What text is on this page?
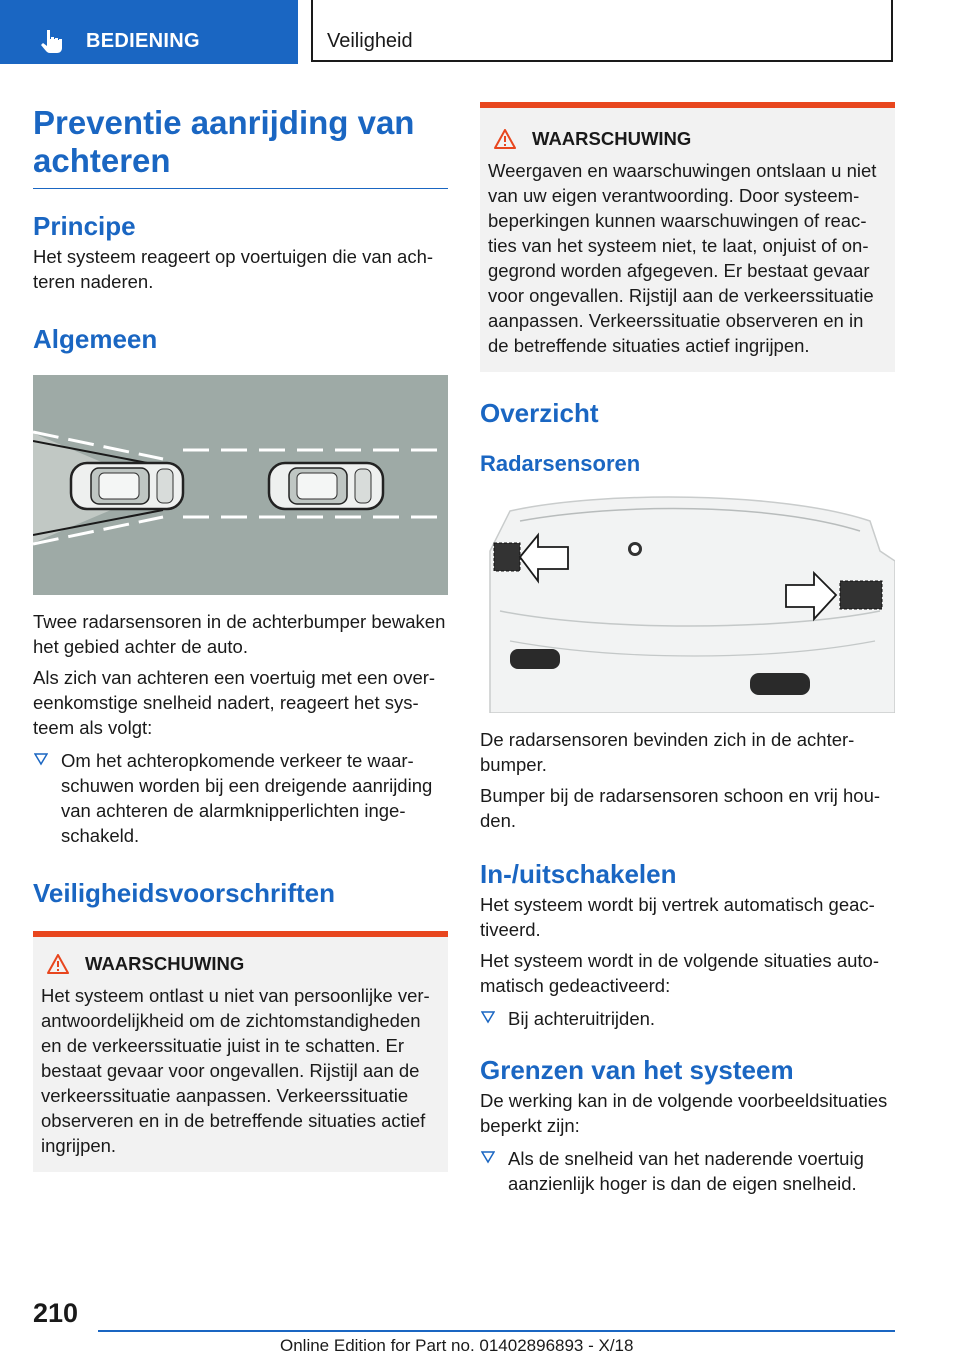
BEDIENING	Veiligheid
Preventie aanrijding van achteren
Principe

Het systeem reageert op voertuigen die van achteren naderen.

Algemeen

Twee radarsensoren in de achterbumper bewaken het gebied achter de auto.

Als zich van achteren een voertuig met een overeenkomstige snelheid nadert, reageert het systeem als volgt:

Om het achteropkomende verkeer te waarschuwen worden bij een dreigende aanrijding van achteren de alarmknipperlichten ingeschakeld.
Veiligheidsvoorschriften
WAARSCHUWING

Het systeem ontlast u niet van persoonlijke verantwoordelijkheid om de zichtomstandigheden en de verkeerssituatie juist in te schatten. Er bestaat gevaar voor ongevallen. Rijstijl aan de verkeerssituatie aanpassen. Verkeerssituatie observeren en in de betreffende situaties actief ingrijpen.

WAARSCHUWING

Weergaven en waarschuwingen ontslaan u niet van uw eigen verantwoording. Door systeembeperkingen kunnen waarschuwingen of reacties van het systeem niet, te laat, onjuist of ongegrond worden afgegeven. Er bestaat gevaar voor ongevallen. Rijstijl aan de verkeerssituatie aanpassen. Verkeerssituatie observeren en in de betreffende situaties actief ingrijpen.

Overzicht
Radarsensoren

De radarsensoren bevinden zich in de achterbumper.

Bumper bij de radarsensoren schoon en vrij houden.

In-/uitschakelen

Het systeem wordt bij vertrek automatisch geactiveerd.

Het systeem wordt in de volgende situaties automatisch gedeactiveerd:

Bij achteruitrijden.
Grenzen van het systeem

De werking kan in de volgende voorbeeldsituaties beperkt zijn:

Als de snelheid van het naderende voertuig aanzienlijk hoger is dan de eigen snelheid.
210
Online Edition for Part no. 01402896893 - X/18
